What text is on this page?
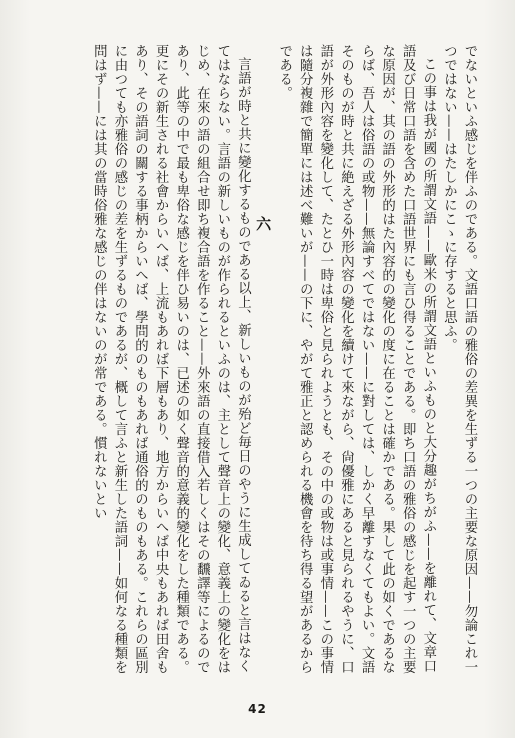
でないといふ感じを伴ふのである。文語口語の雅俗の差異を生ずる一つの主要な原因——勿論これ一つではない——はたしかにこゝに存すると思ふ。

この事は我が國の所謂文語——歐米の所謂文語といふものと大分趣がちがふ——を離れて、文章口語及び日常口語を含めた口語世界にも言ひ得ることである。即ち口語の雅俗の感じを起す一つの主要な原因が、其の語の外形的はた內容的の變化の度に在ることは確かである。果して此の如くであるならば、吾人は俗語の或物——無論すべてではない——に對しては、しかく早離すなくてもよい。文語そのものが時と共に絶えざる外形內容の變化を續けて來ながら、尙優雅にあると見られるやうに、口語が外形內容を變化して、たとひ一時は卑俗と見られようとも、その中の或物は或事情——この事情は隨分複雜で簡單には述べ難いが——の下に、やがて雅正と認められる機會を待ち得る望があるからである。

六

言語が時と共に變化するものである以上、新しいものが殆ど毎日のやうに生成してゐると言はなくてはならない。言語の新しいものが作られるといふのは、主として聲音上の變化、意義上の變化をはじめ、在來の語の組合せ即ち複合語を作ること——外來語の直接借入若しくはその飜譯等によるのであり、此等の中で最も卑俗な感じを伴ひ易いのは、已述の如く聲音的意義的變化をした種類である。更にその新生される社會からいへば、上流もあれば下層もあり、地方からいへば中央もあれば田舍もあり、その語詞の關する事柄からいへば、學問的のものもあれば通俗的のものもある。これらの區別に由つても亦雅俗の感じの差を生ずるものであるが、概して言ふと新生した語詞——如何なる種類を問はず——には其の當時俗雅な感じの伴はないのが常である。慣れないとい

42
